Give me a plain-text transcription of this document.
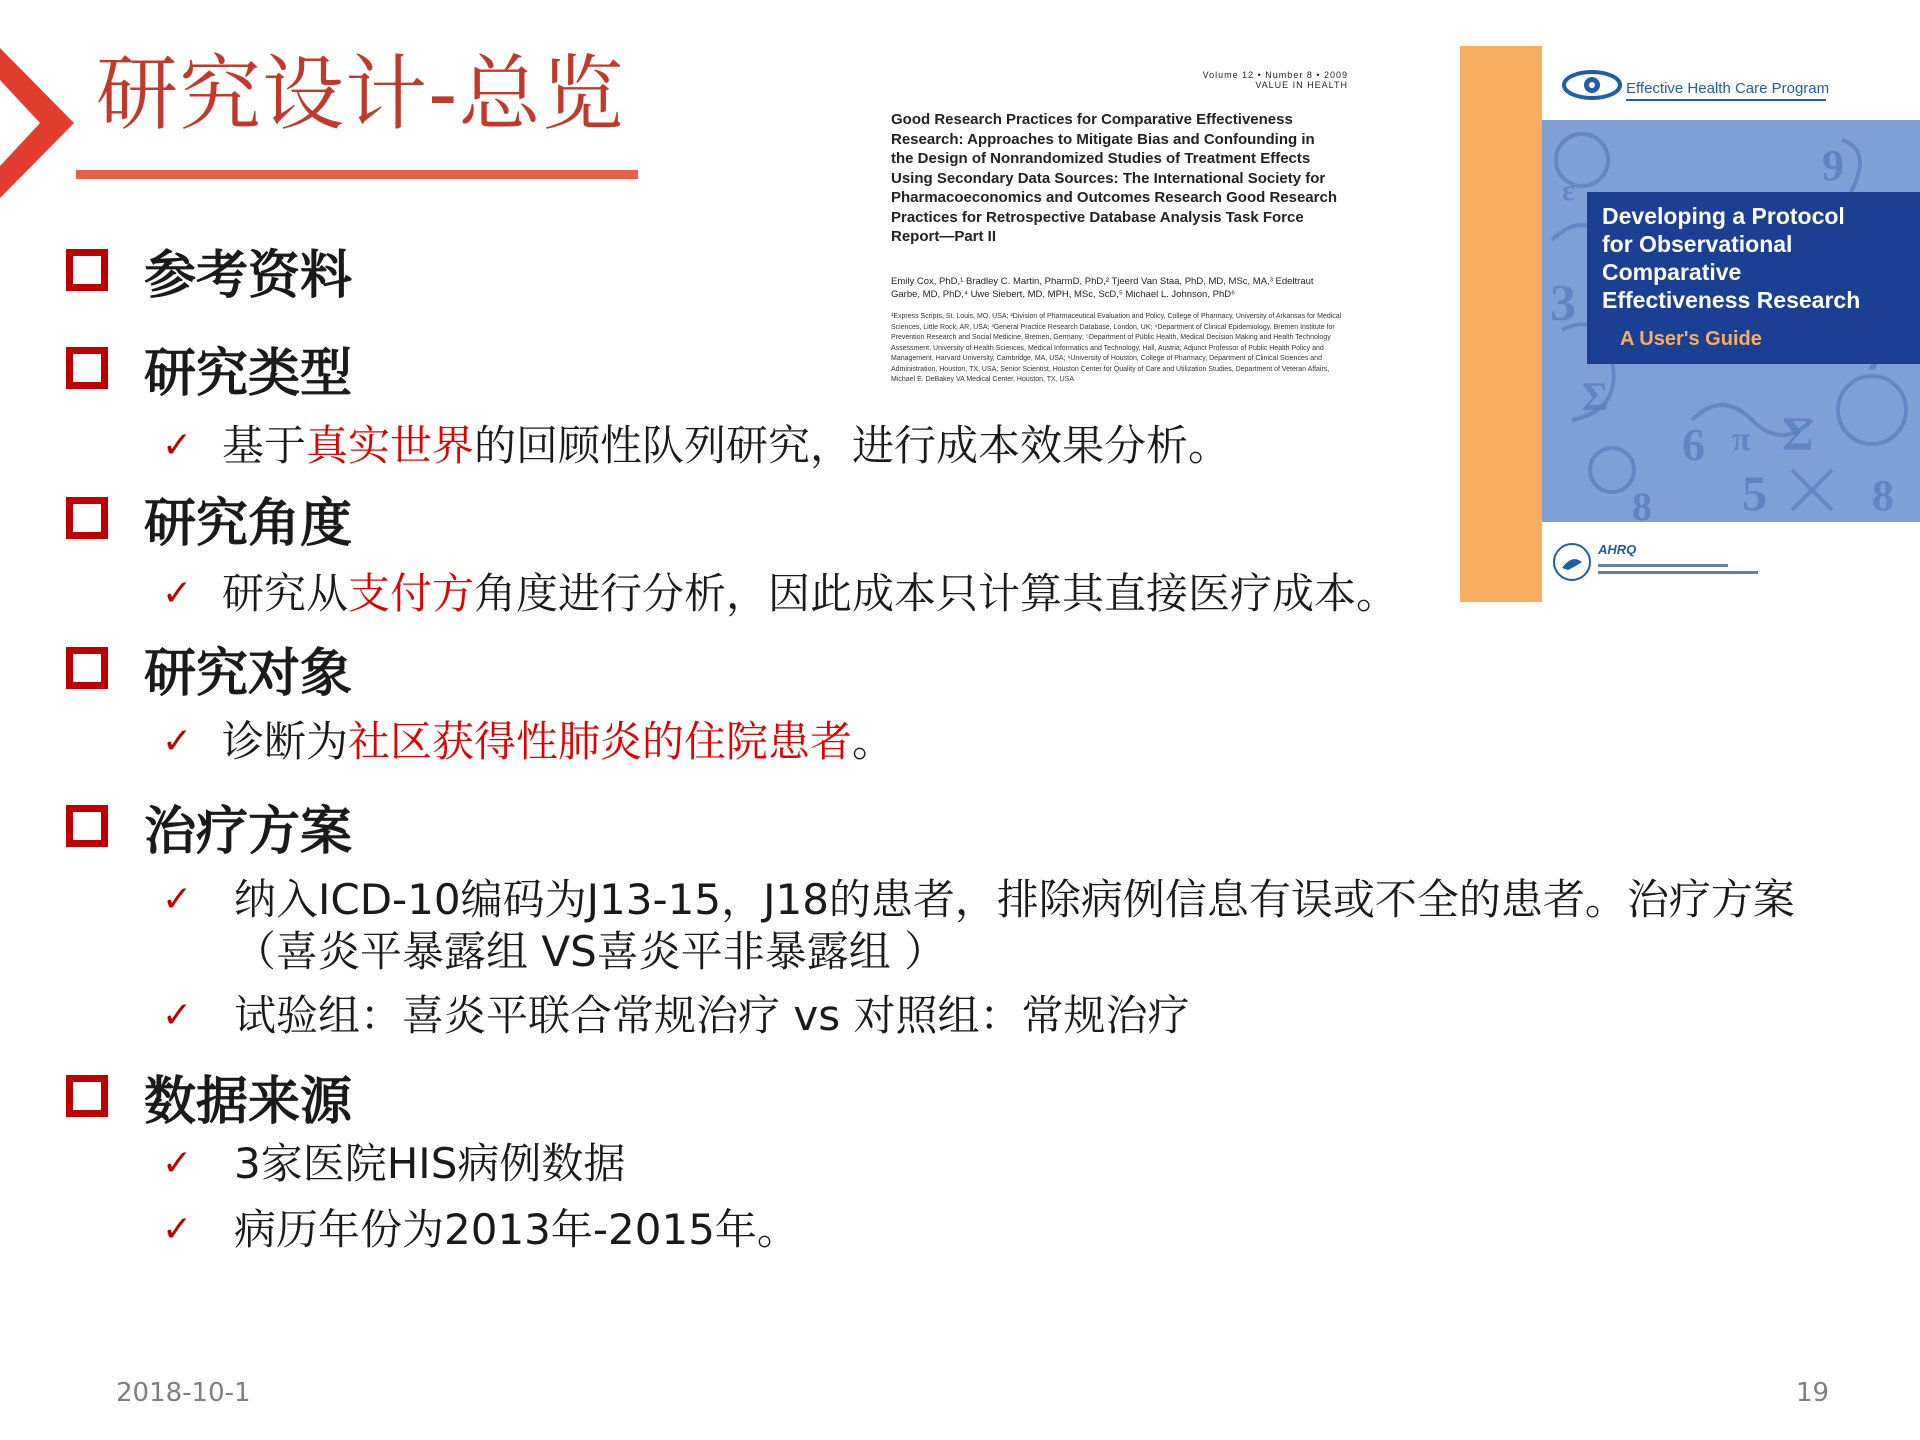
研究设计-总览
参考资料
研究类型
✓ 基于真实世界的回顾性队列研究，进行成本效果分析。
研究角度
✓ 研究从支付方角度进行分析，因此成本只计算其直接医疗成本。
研究对象
✓ 诊断为社区获得性肺炎的住院患者。
治疗方案
✓ 纳入ICD-10编码为J13-15，J18的患者，排除病例信息有误或不全的患者。治疗方案
（喜炎平暴露组 VS喜炎平非暴露组 ）
✓ 试验组：喜炎平联合常规治疗 vs 对照组：常规治疗
数据来源
✓ 3家医院HIS病例数据
✓ 病历年份为2013年-2015年。
Volume 12 • Number 8 • 2009
VALUE IN HEALTH
Good Research Practices for Comparative Effectiveness Research: Approaches to Mitigate Bias and Confounding in the Design of Nonrandomized Studies of Treatment Effects Using Secondary Data Sources: The International Society for Pharmacoeconomics and Outcomes Research Good Research Practices for Retrospective Database Analysis Task Force Report—Part II
Emily Cox, PhD,¹ Bradley C. Martin, PharmD, PhD,² Tjeerd Van Staa, PhD, MD, MSc, MA,³ Edeltraut Garbe, MD, PhD,⁴ Uwe Siebert, MD, MPH, MSc, ScD,⁵ Michael L. Johnson, PhD⁶
¹Express Scripts, St. Louis, MO, USA; ²Division of Pharmaceutical Evaluation and Policy, College of Pharmacy, University of Arkansas for Medical Sciences, Little Rock, AR, USA; ³General Practice Research Database, London, UK; ⁴Department of Clinical Epidemiology, Bremen Institute for Prevention Research and Social Medicine, Bremen, Germany; ⁵Department of Public Health, Medical Decision Making and Health Technology Assessment, University of Health Sciences, Medical Informatics and Technology, Hall, Austria; Adjunct Professor of Public Health Policy and Management, Harvard University, Cambridge, MA, USA; ⁶University of Houston, College of Pharmacy, Department of Clinical Sciences and Administration, Houston, TX, USA; Senior Scientist, Houston Center for Quality of Care and Utilization Studies, Department of Veteran Affairs, Michael E. DeBakey VA Medical Center, Houston, TX, USA
Effective Health Care Program
3
Σ
6 π Σ
9
5
8	8
ε
Developing a Protocol
for Observational
Comparative
Effectiveness Research
A User's Guide
AHRQ
2018-10-1	19
